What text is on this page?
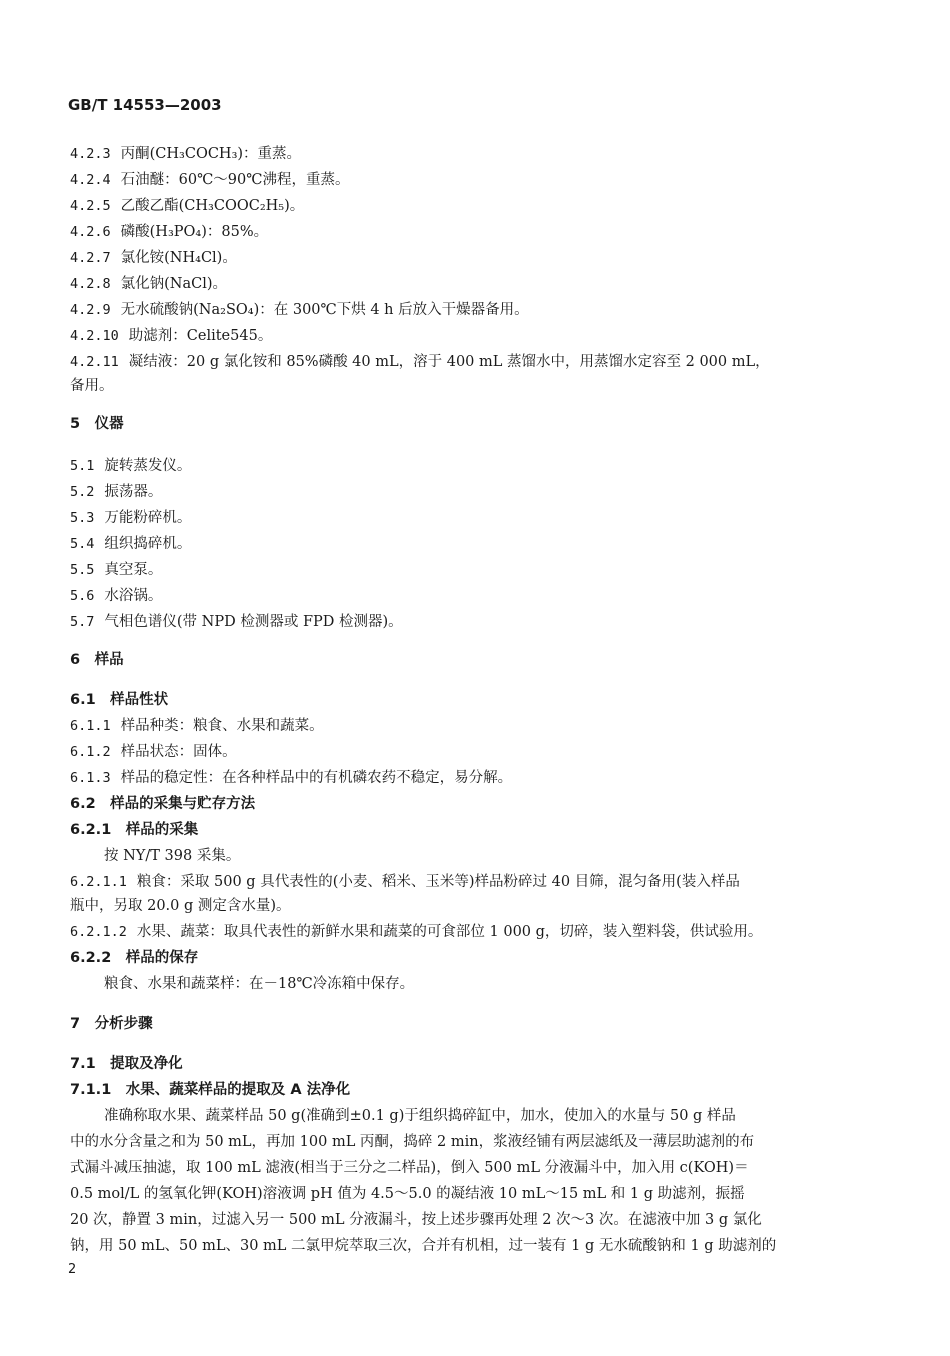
GB/T 14553—2003
4.2.3 丙酮(CH₃COCH₃)：重蒸。
4.2.4 石油醚：60℃～90℃沸程，重蒸。
4.2.5 乙酸乙酯(CH₃COOC₂H₅)。
4.2.6 磷酸(H₃PO₄)：85%。
4.2.7 氯化铵(NH₄Cl)。
4.2.8 氯化钠(NaCl)。
4.2.9 无水硫酸钠(Na₂SO₄)：在 300℃下烘 4 h 后放入干燥器备用。
4.2.10 助滤剂：Celite545。
4.2.11 凝结液：20 g 氯化铵和 85%磷酸 40 mL，溶于 400 mL 蒸馏水中，用蒸馏水定容至 2 000 mL，
备用。
5　仪器
5.1 旋转蒸发仪。
5.2 振荡器。
5.3 万能粉碎机。
5.4 组织捣碎机。
5.5 真空泵。
5.6 水浴锅。
5.7 气相色谱仪(带 NPD 检测器或 FPD 检测器)。
6　样品
6.1　样品性状
6.1.1 样品种类：粮食、水果和蔬菜。
6.1.2 样品状态：固体。
6.1.3 样品的稳定性：在各种样品中的有机磷农药不稳定，易分解。
6.2　样品的采集与贮存方法
6.2.1　样品的采集
按 NY/T 398 采集。
6.2.1.1 粮食：采取 500 g 具代表性的(小麦、稻米、玉米等)样品粉碎过 40 目筛，混匀备用(装入样品
瓶中，另取 20.0 g 测定含水量)。
6.2.1.2 水果、蔬菜：取具代表性的新鲜水果和蔬菜的可食部位 1 000 g，切碎，装入塑料袋，供试验用。
6.2.2　样品的保存
粮食、水果和蔬菜样：在－18℃冷冻箱中保存。
7　分析步骤
7.1　提取及净化
7.1.1　水果、蔬菜样品的提取及 A 法净化
准确称取水果、蔬菜样品 50 g(准确到±0.1 g)于组织捣碎缸中，加水，使加入的水量与 50 g 样品
中的水分含量之和为 50 mL，再加 100 mL 丙酮，捣碎 2 min，浆液经铺有两层滤纸及一薄层助滤剂的布
式漏斗减压抽滤，取 100 mL 滤液(相当于三分之二样品)，倒入 500 mL 分液漏斗中，加入用 c(KOH)＝
0.5 mol/L 的氢氧化钾(KOH)溶液调 pH 值为 4.5～5.0 的凝结液 10 mL～15 mL 和 1 g 助滤剂，振摇
20 次，静置 3 min，过滤入另一 500 mL 分液漏斗，按上述步骤再处理 2 次～3 次。在滤液中加 3 g 氯化
钠，用 50 mL、50 mL、30 mL 二氯甲烷萃取三次，合并有机相，过一装有 1 g 无水硫酸钠和 1 g 助滤剂的
2
